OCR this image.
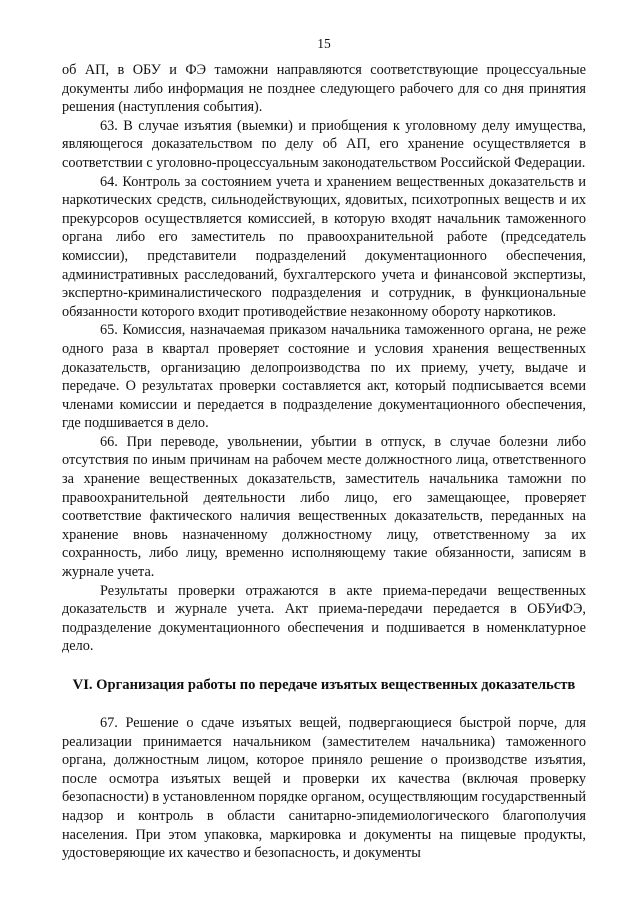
15

об АП, в ОБУ и ФЭ таможни направляются соответствующие процессуальные документы либо информация не позднее следующего рабочего для со дня принятия решения (наступления события).

63. В случае изъятия (выемки) и приобщения к уголовному делу имущества, являющегося доказательством по делу об АП, его хранение осуществляется в соответствии с уголовно-процессуальным законодательством Российской Федерации.

64. Контроль за состоянием учета и хранением вещественных доказательств и наркотических средств, сильнодействующих, ядовитых, психотропных веществ и их прекурсоров осуществляется комиссией, в которую входят начальник таможенного органа либо его заместитель по правоохранительной работе (председатель комиссии), представители подразделений документационного обеспечения, административных расследований, бухгалтерского учета и финансовой экспертизы, экспертно-криминалистического подразделения и сотрудник, в функциональные обязанности которого входит противодействие незаконному обороту наркотиков.

65. Комиссия, назначаемая приказом начальника таможенного органа, не реже одного раза в квартал проверяет состояние и условия хранения вещественных доказательств, организацию делопроизводства по их приему, учету, выдаче и передаче. О результатах проверки составляется акт, который подписывается всеми членами комиссии и передается в подразделение документационного обеспечения, где подшивается в дело.

66. При переводе, увольнении, убытии в отпуск, в случае болезни либо отсутствия по иным причинам на рабочем месте должностного лица, ответственного за хранение вещественных доказательств, заместитель начальника таможни по правоохранительной деятельности либо лицо, его замещающее, проверяет соответствие фактического наличия вещественных доказательств, переданных на хранение вновь назначенному должностному лицу, ответственному за их сохранность, либо лицу, временно исполняющему такие обязанности, записям в журнале учета.

Результаты проверки отражаются в акте приема-передачи вещественных доказательств и журнале учета. Акт приема-передачи передается в ОБУиФЭ, подразделение документационного обеспечения и подшивается в номенклатурное дело.

VI. Организация работы по передаче изъятых вещественных доказательств

67. Решение о сдаче изъятых вещей, подвергающиеся быстрой порче, для реализации принимается начальником (заместителем начальника) таможенного органа, должностным лицом, которое приняло решение о производстве изъятия, после осмотра изъятых вещей и проверки их качества (включая проверку безопасности) в установленном порядке органом, осуществляющим государственный надзор и контроль в области санитарно-эпидемиологического благополучия населения. При этом упаковка, маркировка и документы на пищевые продукты, удостоверяющие их качество и безопасность, и документы
